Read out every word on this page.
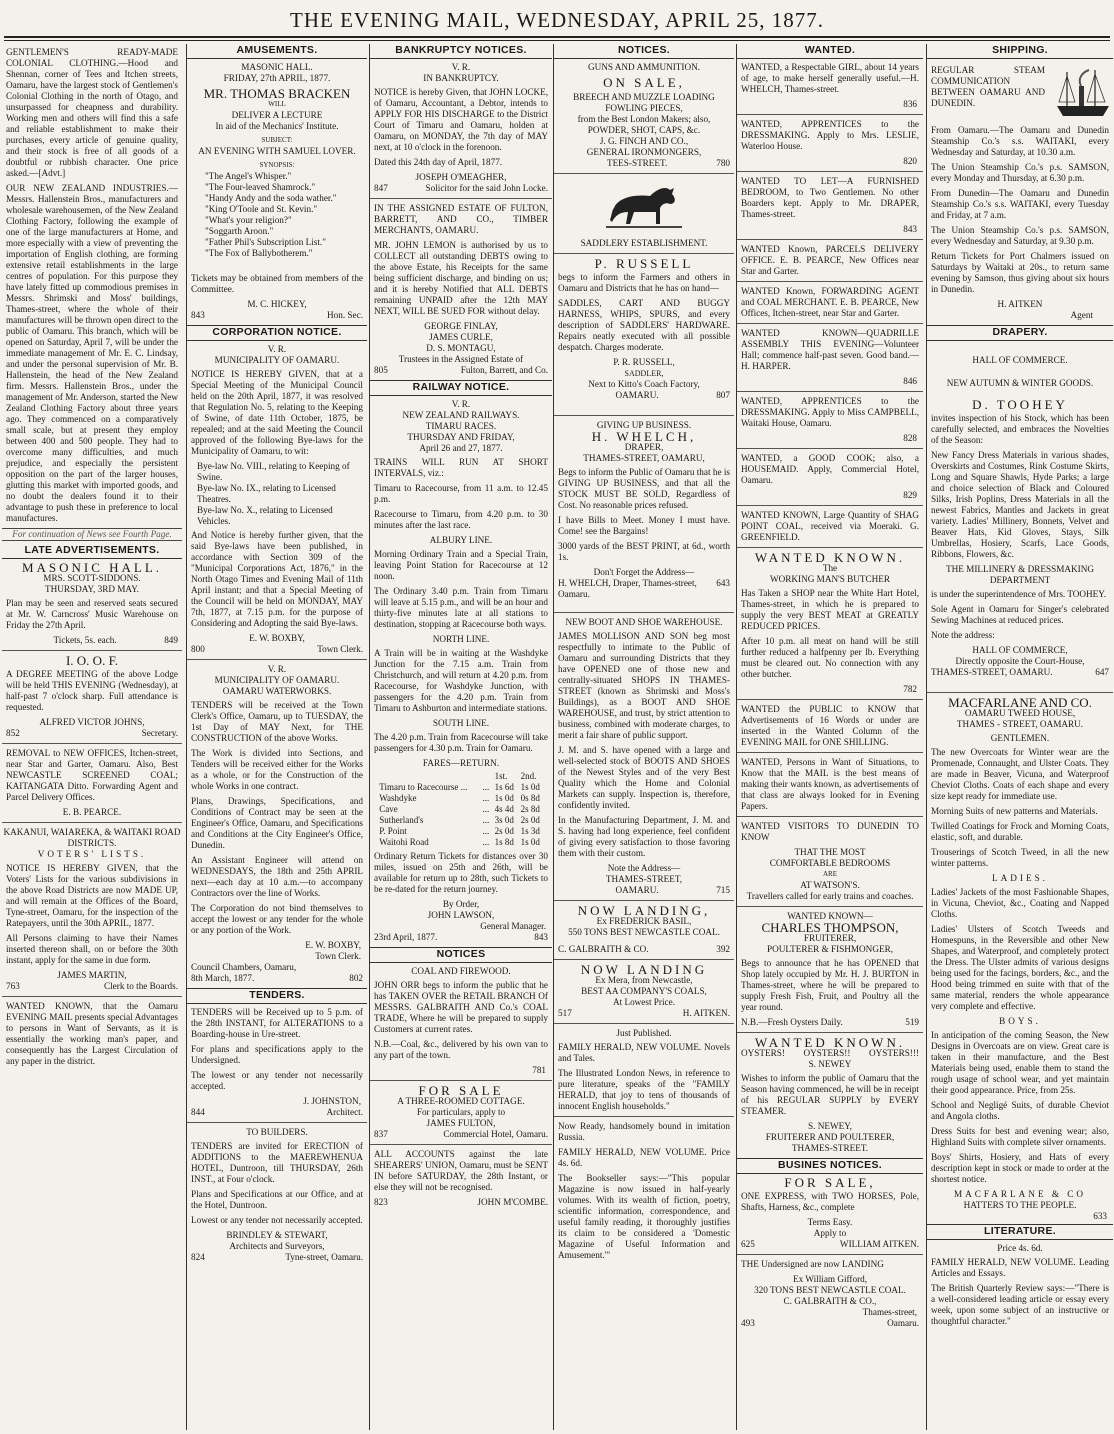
THE EVENING MAIL, WEDNESDAY, APRIL 25, 1877.
GENTLEMEN'S READY-MADE COLONIAL CLOTHING.—Hood and Shennan, corner of Tees and Itchen streets, Oamaru, have the largest stock of Gentlemen's Colonial Clothing in the north of Otago, and unsurpassed for cheapness and durability. Working men and others will find this a safe and reliable establishment to make their purchases, every article of genuine quality, and their stock is free of all goods of a doubtful or rubbish character. One price asked.—[Advt.]
OUR NEW ZEALAND INDUSTRIES.—Messrs. Hallenstein Bros., manufacturers and wholesale warehousemen, of the New Zealand Clothing Factory, following the example of one of the large manufacturers at Home, and more especially with a view of preventing the importation of English clothing, are forming extensive retail establishments in the large centres of population. For this purpose they have lately fitted up commodious premises in Messrs. Shrimski and Moss' buildings, Thames-street, where the whole of their manufactures will be thrown open direct to the public of Oamaru. This branch, which will be opened on Saturday, April 7, will be under the immediate management of Mr. E. C. Lindsay, and under the personal supervision of Mr. B. Hallenstein, the head of the New Zealand firm. Messrs. Hallenstein Bros., under the management of Mr. Anderson, started the New Zealand Clothing Factory about three years ago. They commenced on a comparatively small scale, but at present they employ between 400 and 500 people. They had to overcome many difficulties, and much prejudice, and especially the persistent opposition on the part of the larger houses, glutting this market with imported goods, and no doubt the dealers found it to their advantage to push these in preference to local manufactures.
For continuation of News see Fourth Page.
LATE ADVERTISEMENTS.
MASONIC HALL.
MRS. SCOTT-SIDDONS.
THURSDAY, 3RD MAY.
Plan may be seen and reserved seats secured at Mr. W. Carncross' Music Warehouse on Friday the 27th April.
Tickets, 5s. each.	849
I. O. O. F.
A DEGREE MEETING of the above Lodge will be held THIS EVENING (Wednesday), at half-past 7 o'clock sharp. Full attendance is requested.
ALFRED VICTOR JOHNS,
852	Secretary.
REMOVAL to NEW OFFICES, Itchen-street, near Star and Garter, Oamaru. Also, Best NEWCASTLE SCREENED COAL; KAITANGATA Ditto. Forwarding Agent and Parcel Delivery Offices.
E. B. PEARCE.
KAKANUI, WAIAREKA, & WAITAKI ROAD DISTRICTS.
VOTERS' LISTS.
NOTICE IS HEREBY GIVEN, that the Voters' Lists for the various subdivisions in the above Road Districts are now MADE UP, and will remain at the Offices of the Board, Tyne-street, Oamaru, for the inspection of the Ratepayers, until the 30th APRIL, 1877.
All Persons claiming to have their Names inserted thereon shall, on or before the 30th instant, apply for the same in due form.
JAMES MARTIN,
763	Clerk to the Boards.
WANTED KNOWN, that the Oamaru EVENING MAIL presents special Advantages to persons in Want of Servants, as it is essentially the working man's paper, and consequently has the Largest Circulation of any paper in the district.
AMUSEMENTS.
MASONIC HALL.
FRIDAY, 27th APRIL, 1877.
MR. THOMAS BRACKEN
WILL
DELIVER A LECTURE
In aid of the Mechanics' Institute.
SUBJECT:
AN EVENING WITH SAMUEL LOVER.
SYNOPSIS:
"The Angel's Whisper."
"The Four-leaved Shamrock."
"Handy Andy and the soda wather."
"King O'Toole and St. Kevin."
"What's your religion?"
"Soggarth Aroon."
"Father Phil's Subscription List."
"The Fox of Ballybotherem."
Tickets may be obtained from members of the Committee.
M. C. HICKEY,
843	Hon. Sec.
CORPORATION NOTICE.
V. R.
MUNICIPALITY OF OAMARU.
NOTICE IS HEREBY GIVEN, that at a Special Meeting of the Municipal Council held on the 20th April, 1877, it was resolved that Regulation No. 5, relating to the Keeping of Swine, of date 11th October, 1875, be repealed; and at the said Meeting the Council approved of the following Bye-laws for the Municipality of Oamaru, to wit:
Bye-law No. VIII., relating to Keeping of Swine.
Bye-law No. IX., relating to Licensed Theatres.
Bye-law No. X., relating to Licensed Vehicles.
And Notice is hereby further given, that the said Bye-laws have been published, in accordance with Section 309 of the "Municipal Corporations Act, 1876," in the North Otago Times and Evening Mail of 11th April instant; and that a Special Meeting of the Council will be held on MONDAY, MAY 7th, 1877, at 7.15 p.m. for the purpose of Considering and Adopting the said Bye-laws.
E. W. BOXBY,
800	Town Clerk.
V. R.
MUNICIPALITY OF OAMARU.
OAMARU WATERWORKS.
TENDERS will be received at the Town Clerk's Office, Oamaru, up to TUESDAY, the 1st Day of MAY Next, for THE CONSTRUCTION of the above Works.
The Work is divided into Sections, and Tenders will be received either for the Works as a whole, or for the Construction of the whole Works in one contract.
Plans, Drawings, Specifications, and Conditions of Contract may be seen at the Engineer's Office, Oamaru, and Specifications and Conditions at the City Engineer's Office, Dunedin.
An Assistant Engineer will attend on WEDNESDAYS, the 18th and 25th APRIL next—each day at 10 a.m.—to accompany Contractors over the line of Works.
The Corporation do not bind themselves to accept the lowest or any tender for the whole or any portion of the Work.
E. W. BOXBY,
Town Clerk.
Council Chambers, Oamaru,
8th March, 1877.	802
TENDERS.
TENDERS will be Received up to 5 p.m. of the 28th INSTANT, for ALTERATIONS to a Boarding-house in Ure-street.
For plans and specifications apply to the Undersigned.
The lowest or any tender not necessarily accepted.
J. JOHNSTON,
844	Architect.
TO BUILDERS.
TENDERS are invited for ERECTION of ADDITIONS to the MAEREWHENUA HOTEL, Duntroon, till THURSDAY, 26th INST., at Four o'clock.
Plans and Specifications at our Office, and at the Hotel, Duntroon.
Lowest or any tender not necessarily accepted.
BRINDLEY & STEWART,
Architects and Surveyors,
824	Tyne-street, Oamaru.
BANKRUPTCY NOTICES.
V. R.
IN BANKRUPTCY.
NOTICE is hereby Given, that JOHN LOCKE, of Oamaru, Accountant, a Debtor, intends to APPLY FOR HIS DISCHARGE to the District Court of Timaru and Oamaru, holden at Oamaru, on MONDAY, the 7th day of MAY next, at 10 o'clock in the forenoon.
Dated this 24th day of April, 1877.
JOSEPH O'MEAGHER,
847	Solicitor for the said John Locke.
IN THE ASSIGNED ESTATE OF FULTON, BARRETT, AND CO., TIMBER MERCHANTS, OAMARU.
MR. JOHN LEMON is authorised by us to COLLECT all outstanding DEBTS owing to the above Estate, his Receipts for the same being sufficient discharge, and binding on us; and it is hereby Notified that ALL DEBTS remaining UNPAID after the 12th MAY NEXT, WILL BE SUED FOR without delay.
GEORGE FINLAY,
JAMES CURLE,
D. S. MONTAGU,
Trustees in the Assigned Estate of
805	Fulton, Barrett, and Co.
RAILWAY NOTICE.
V. R.
NEW ZEALAND RAILWAYS.
TIMARU RACES.
THURSDAY AND FRIDAY,
April 26 and 27, 1877.
TRAINS WILL RUN AT SHORT INTERVALS, viz.:
Timaru to Racecourse, from 11 a.m. to 12.45 p.m.
Racecourse to Timaru, from 4.20 p.m. to 30 minutes after the last race.
ALBURY LINE.
Morning Ordinary Train and a Special Train, leaving Point Station for Racecourse at 12 noon.
The Ordinary 3.40 p.m. Train from Timaru will leave at 5.15 p.m., and will be an hour and thirty-five minutes late at all stations to destination, stopping at Racecourse both ways.
NORTH LINE.
A Train will be in waiting at the Washdyke Junction for the 7.15 a.m. Train from Christchurch, and will return at 4.20 p.m. from Racecourse, for Washdyke Junction, with passengers for the 4.20 p.m. Train from Timaru to Ashburton and intermediate stations.
SOUTH LINE.
The 4.20 p.m. Train from Racecourse will take passengers for 4.30 p.m. Train for Oamaru.
FARES—RETURN.
		1st.	2nd.
Timaru to Racecourse ...	...	1s 6d	1s 0d
Washdyke	...	1s 0d	0s 8d
Cave	...	4s 4d	2s 8d
Sutherland's	...	3s 0d	2s 0d
P. Point	...	2s 0d	1s 3d
Waitohi Road	...	1s 8d	1s 0d
Ordinary Return Tickets for distances over 30 miles, issued on 25th and 26th, will be available for return up to 28th, such Tickets to be re-dated for the return journey.
By Order,
JOHN LAWSON,
General Manager.
23rd April, 1877.	843
NOTICES
COAL AND FIREWOOD.
JOHN ORR begs to inform the public that he has TAKEN OVER the RETAIL BRANCH Of MESSRS. GALBRAITH AND Co.'s COAL TRADE, Where he will be prepared to supply Customers at current rates.
N.B.—Coal, &c., delivered by his own van to any part of the town.
781
FOR SALE
A THREE-ROOMED COTTAGE.
For particulars, apply to
JAMES FULTON,
837	Commercial Hotel, Oamaru.
ALL ACCOUNTS against the late SHEARERS' UNION, Oamaru, must be SENT IN before SATURDAY, the 28th Instant, or else they will not be recognised.
823	JOHN M'COMBE.
NOTICES.
GUNS AND AMMUNITION.
ON SALE,
BREECH AND MUZZLE LOADING FOWLING PIECES,
from the Best London Makers; also,
POWDER, SHOT, CAPS, &c.
J. G. FINCH AND CO.,
GENERAL IRONMONGERS,
TEES-STREET.	780
SADDLERY ESTABLISHMENT.
P. RUSSELL
begs to inform the Farmers and others in Oamaru and Districts that he has on hand—
SADDLES, CART AND BUGGY HARNESS, WHIPS, SPURS, and every description of SADDLERS' HARDWARE. Repairs neatly executed with all possible despatch. Charges moderate.
P. R. RUSSELL,
SADDLER,
Next to Kitto's Coach Factory,
OAMARU.	807
GIVING UP BUSINESS.
H. WHELCH,
DRAPER,
THAMES-STREET, OAMARU,
Begs to inform the Public of Oamaru that he is GIVING UP BUSINESS, and that all the STOCK MUST BE SOLD, Regardless of Cost. No reasonable prices refused.
I have Bills to Meet. Money I must have. Come! see the Bargains!
3000 yards of the BEST PRINT, at 6d., worth 1s.
Don't Forget the Address—
H. WHELCH, Draper, Thames-street, Oamaru.
643
NEW BOOT AND SHOE WAREHOUSE.
JAMES MOLLISON AND SON beg most respectfully to intimate to the Public of Oamaru and surrounding Districts that they have OPENED one of those new and centrally-situated SHOPS IN THAMES-STREET (known as Shrimski and Moss's Buildings), as a BOOT AND SHOE WAREHOUSE, and trust, by strict attention to business, combined with moderate charges, to merit a fair share of public support.
J. M. and S. have opened with a large and well-selected stock of BOOTS AND SHOES of the Newest Styles and of the very Best Quality which the Home and Colonial Markets can supply. Inspection is, therefore, confidently invited.
In the Manufacturing Department, J. M. and S. having had long experience, feel confident of giving every satisfaction to those favoring them with their custom.
Note the Address—
THAMES-STREET,
OAMARU.	715
NOW LANDING,
Ex FREDERICK BASIL,
550 TONS BEST NEWCASTLE COAL.
C. GALBRAITH & CO.	392
NOW LANDING
Ex Mera, from Newcastle,
BEST AA COMPANY'S COALS,
At Lowest Price.
517	H. AITKEN.
Just Published.
FAMILY HERALD, NEW VOLUME. Novels and Tales.
The Illustrated London News, in reference to pure literature, speaks of the "FAMILY HERALD, that joy to tens of thousands of innocent English households."
Now Ready, handsomely bound in imitation Russia.
FAMILY HERALD, NEW VOLUME. Price 4s. 6d.
The Bookseller says:—"This popular Magazine is now issued in half-yearly volumes. With its wealth of fiction, poetry, scientific information, correspondence, and useful family reading, it thoroughly justifies its claim to be considered a 'Domestic Magazine of Useful Information and Amusement.'"
WANTED.
WANTED, a Respectable GIRL, about 14 years of age, to make herself generally useful.—H. WHELCH, Thames-street.
836
WANTED, APPRENTICES to the DRESSMAKING. Apply to Mrs. LESLIE, Waterloo House.
820
WANTED TO LET—A FURNISHED BEDROOM, to Two Gentlemen. No other Boarders kept. Apply to Mr. DRAPER, Thames-street.
843
WANTED Known, PARCELS DELIVERY OFFICE. E. B. PEARCE, New Offices near Star and Garter.
WANTED Known, FORWARDING AGENT and COAL MERCHANT. E. B. PEARCE, New Offices, Itchen-street, near Star and Garter.
WANTED KNOWN—QUADRILLE ASSEMBLY THIS EVENING—Volunteer Hall; commence half-past seven. Good band.—H. HARPER.
846
WANTED, APPRENTICES to the DRESSMAKING. Apply to Miss CAMPBELL, Waitaki House, Oamaru.
828
WANTED, a GOOD COOK; also, a HOUSEMAID. Apply, Commercial Hotel, Oamaru.
829
WANTED KNOWN, Large Quantity of SHAG POINT COAL, received via Moeraki. G. GREENFIELD.
WANTED KNOWN.
The
WORKING MAN'S BUTCHER
Has Taken a SHOP near the White Hart Hotel, Thames-street, in which he is prepared to supply the very BEST MEAT at GREATLY REDUCED PRICES.
After 10 p.m. all meat on hand will be still further reduced a halfpenny per lb. Everything must be cleared out. No connection with any other butcher.
782
WANTED the PUBLIC to KNOW that Advertisements of 16 Words or under are inserted in the Wanted Column of the EVENING MAIL for ONE SHILLING.
WANTED, Persons in Want of Situations, to Know that the MAIL is the best means of making their wants known, as advertisements of that class are always looked for in Evening Papers.
WANTED VISITORS TO DUNEDIN TO KNOW
THAT THE MOST
COMFORTABLE BEDROOMS
ARE
AT WATSON'S.
Travellers called for early trains and coaches.
WANTED KNOWN—
CHARLES THOMPSON,
FRUITERER,
POULTERER & FISHMONGER,
Begs to announce that he has OPENED that Shop lately occupied by Mr. H. J. BURTON in Thames-street, where he will be prepared to supply Fresh Fish, Fruit, and Poultry all the year round.
N.B.—Fresh Oysters Daily.	519
WANTED KNOWN.
OYSTERS! OYSTERS!! OYSTERS!!!
S. NEWEY
Wishes to inform the public of Oamaru that the Season having commenced, he will be in receipt of his REGULAR SUPPLY by EVERY STEAMER.
S. NEWEY,
FRUITERER AND POULTERER,
THAMES-STREET.
BUSINES NOTICES.
FOR SALE,
ONE EXPRESS, with TWO HORSES, Pole, Shafts, Harness, &c., complete
Terms Easy.
Apply to
625	WILLIAM AITKEN.
THE Undersigned are now LANDING
Ex William Gifford,
320 TONS BEST NEWCASTLE COAL.
C. GALBRAITH & CO.,
Thames-street,
493	Oamaru.
SHIPPING.
REGULAR STEAM COMMUNICATION BETWEEN OAMARU AND DUNEDIN.
From Oamaru.—The Oamaru and Dunedin Steamship Co.'s s.s. WAITAKI, every Wednesday and Saturday, at 10.30 a.m.
The Union Steamship Co.'s p.s. SAMSON, every Monday and Thursday, at 6.30 p.m.
From Dunedin—The Oamaru and Dunedin Steamship Co.'s s.s. WAITAKI, every Tuesday and Friday, at 7 a.m.
The Union Steamship Co.'s p.s. SAMSON, every Wednesday and Saturday, at 9.30 p.m.
Return Tickets for Port Chalmers issued on Saturdays by Waitaki at 20s., to return same evening by Samson, thus giving about six hours in Dunedin.
H. AITKEN
Agent
DRAPERY.
HALL OF COMMERCE.
NEW AUTUMN & WINTER GOODS.
D. TOOHEY
invites inspection of his Stock, which has been carefully selected, and embraces the Novelties of the Season:
New Fancy Dress Materials in various shades, Overskirts and Costumes, Rink Costume Skirts, Long and Square Shawls, Hyde Parks; a large and choice selection of Black and Coloured Silks, Irish Poplins, Dress Materials in all the newest Fabrics, Mantles and Jackets in great variety. Ladies' Millinery, Bonnets, Velvet and Beaver Hats, Kid Gloves, Stays, Silk Umbrellas, Hosiery, Scarfs, Lace Goods, Ribbons, Flowers, &c.
THE MILLINERY & DRESSMAKING DEPARTMENT
is under the superintendence of Mrs. TOOHEY.
Sole Agent in Oamaru for Singer's celebrated Sewing Machines at reduced prices.
Note the address:
HALL OF COMMERCE,
Directly opposite the Court-House,
THAMES-STREET, OAMARU.	647
MACFARLANE AND CO.
OAMARU TWEED HOUSE,
THAMES - STREET, OAMARU.
GENTLEMEN.
The new Overcoats for Winter wear are the Promenade, Connaught, and Ulster Coats. They are made in Beaver, Vicuna, and Waterproof Cheviot Cloths. Coats of each shape and every size kept ready for immediate use.
Morning Suits of new patterns and Materials.
Twilled Coatings for Frock and Morning Coats, elastic, soft, and durable.
Trouserings of Scotch Tweed, in all the new winter patterns.
LADIES.
Ladies' Jackets of the most Fashionable Shapes, in Vicuna, Cheviot, &c., Coating and Napped Cloths.
Ladies' Ulsters of Scotch Tweeds and Homespuns, in the Reversible and other New Shapes, and Waterproof, and completely protect the Dress. The Ulster admits of various designs being used for the facings, borders, &c., and the Hood being trimmed en suite with that of the same material, renders the whole appearance very complete and effective.
BOYS.
In anticipation of the coming Season, the New Designs in Overcoats are on view. Great care is taken in their manufacture, and the Best Materials being used, enable them to stand the rough usage of school wear, and yet maintain their good appearance. Price, from 25s.
School and Negligé Suits, of durable Cheviot and Angola cloths.
Dress Suits for best and evening wear; also, Highland Suits with complete silver ornaments.
Boys' Shirts, Hosiery, and Hats of every description kept in stock or made to order at the shortest notice.
MACFARLANE & CO
HATTERS TO THE PEOPLE.
633
LITERATURE.
Price 4s. 6d.
FAMILY HERALD, NEW VOLUME. Leading Articles and Essays.
The British Quarterly Review says:—"There is a well-considered leading article or essay every week, upon some subject of an instructive or thoughtful character."
